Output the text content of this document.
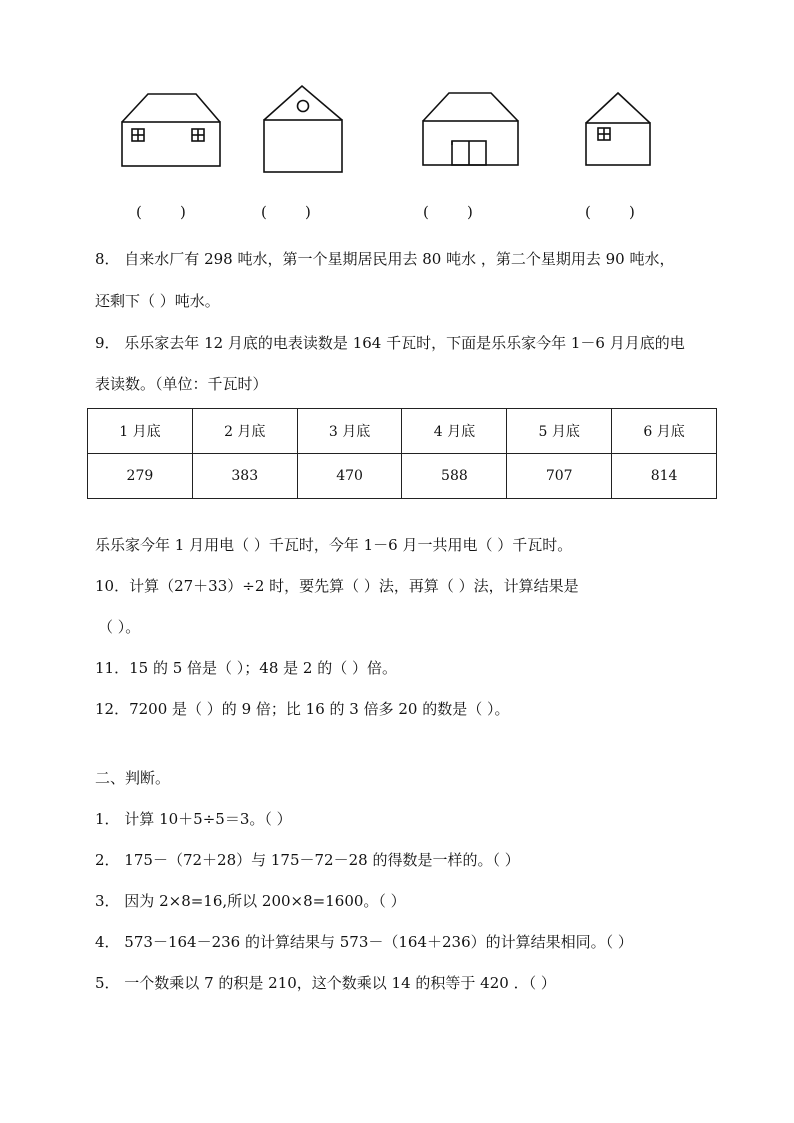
(        )	(        )	(        )	(        )
8． 自来水厂有 298 吨水，第一个星期居民用去 80 吨水 ，第二个星期用去 90 吨水，
还剩下（ ）吨水。
9． 乐乐家去年 12 月底的电表读数是 164 千瓦时，下面是乐乐家今年 1－6 月月底的电
表读数。（单位：千瓦时）
1 月底	2 月底	3 月底	4 月底	5 月底	6 月底
279	383	470	588	707	814
乐乐家今年 1 月用电（ ）千瓦时，今年 1－6 月一共用电（ ）千瓦时。
10．计算（27＋33）÷2 时，要先算（ ）法，再算（ ）法，计算结果是
（ ）。
11．15 的 5 倍是（ ）；48 是 2 的（ ）倍。
12．7200 是（ ）的 9 倍；比 16 的 3 倍多 20 的数是（ ）。
二、判断。
1． 计算 10＋5÷5＝3。（ ）
2． 175－（72＋28）与 175－72－28 的得数是一样的。（ ）
3． 因为 2×8=16,所以 200×8=1600。（ ）
4． 573－164－236 的计算结果与 573－（164＋236）的计算结果相同。（ ）
5． 一个数乘以 7 的积是 210，这个数乘以 14 的积等于 420 ．（ ）
